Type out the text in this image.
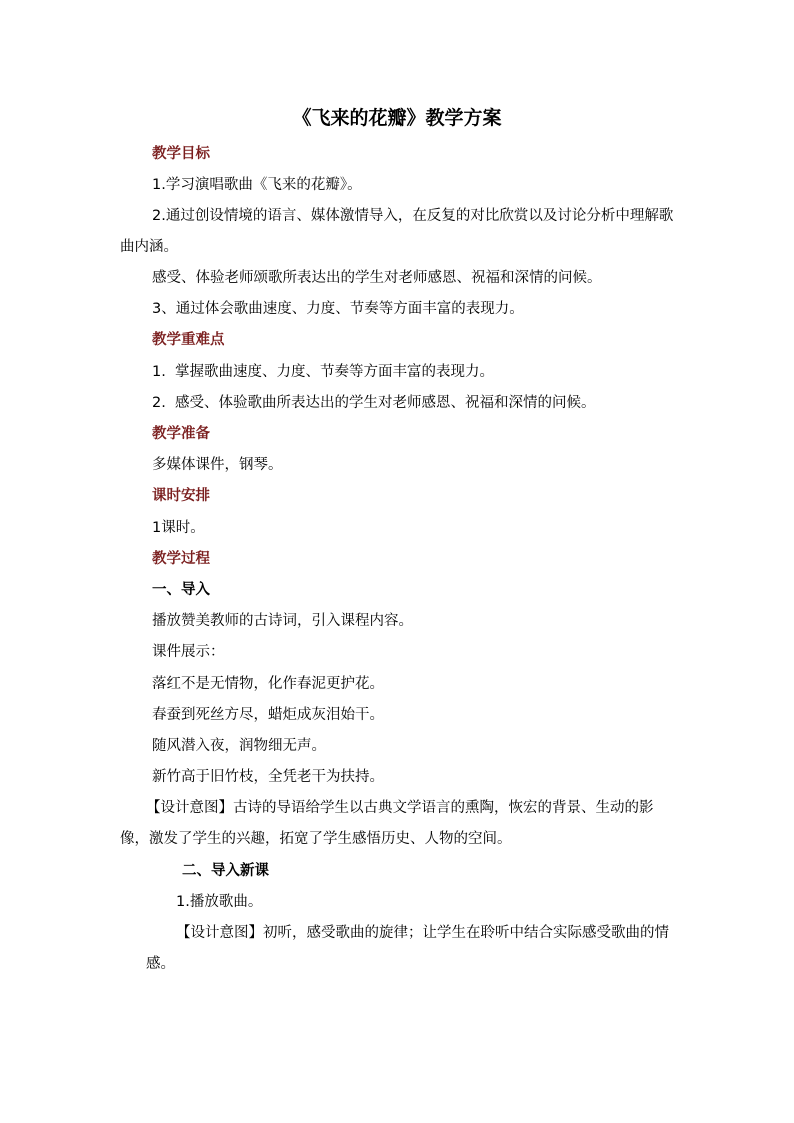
《飞来的花瓣》教学方案

教学目标

1.学习演唱歌曲《飞来的花瓣》。

2.通过创设情境的语言、媒体激情导入，在反复的对比欣赏以及讨论分析中理解歌曲内涵。

感受、体验老师颂歌所表达出的学生对老师感恩、祝福和深情的问候。

3、通过体会歌曲速度、力度、节奏等方面丰富的表现力。

教学重难点

1.  掌握歌曲速度、力度、节奏等方面丰富的表现力。

2.  感受、体验歌曲所表达出的学生对老师感恩、祝福和深情的问候。

教学准备

多媒体课件，钢琴。

课时安排

1课时。

教学过程

一、导入

播放赞美教师的古诗词，引入课程内容。

课件展示：

落红不是无情物，化作春泥更护花。

春蚕到死丝方尽，蜡炬成灰泪始干。

随风潜入夜，润物细无声。

新竹高于旧竹枝，全凭老干为扶持。

【设计意图】古诗的导语给学生以古典文学语言的熏陶，恢宏的背景、生动的影像，激发了学生的兴趣，拓宽了学生感悟历史、人物的空间。

二、导入新课

1.播放歌曲。

【设计意图】初听，感受歌曲的旋律；让学生在聆听中结合实际感受歌曲的情感。
